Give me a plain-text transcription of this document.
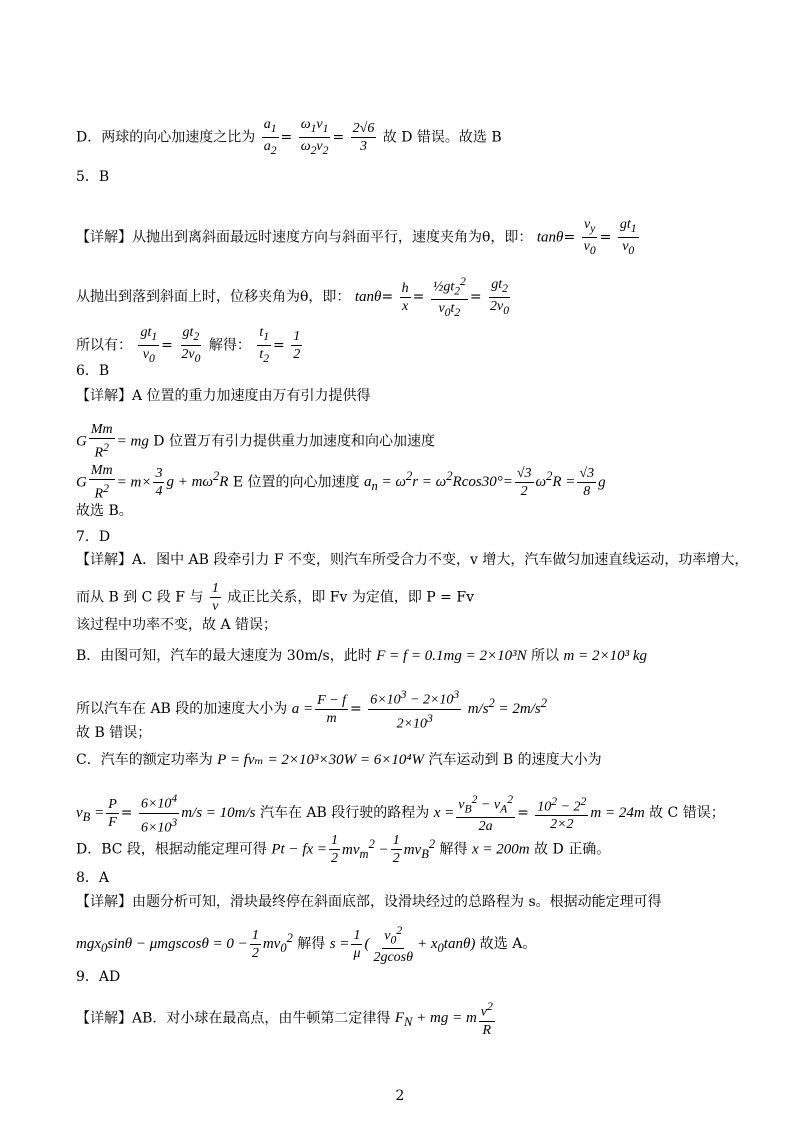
D．两球的向心加速度之比为 $\frac{a_1}{a_2} = \frac{\omega_1v_1}{\omega_2v_2} = \frac{2√6}{3}$ 故 D 错误。故选 B
5．B
【详解】从抛出到离斜面最远时速度方向与斜面平行，速度夹角为θ，即： $\tan\theta= \frac{v_y}{v_0} = \frac{gt_1}{v_0}$
从抛出到落到斜面上时，位移夹角为θ，即： $\tan\theta= \frac{h}{x} = \frac{\frac{1}{2}gt_2^2}{v_0t_2} = \frac{gt_2}{2v_0}$
所以有： $\frac{gt_1}{v_0} = \frac{gt_2}{2v_0}$ 解得： $\frac{t_1}{t_2} = \frac{1}{2}$
6．B
【详解】A 位置的重力加速度由万有引力提供得
G $\frac{Mm}{R^2}$ = mg D 位置万有引力提供重力加速度和向心加速度
G $\frac{Mm}{R^2} = m\times \frac{3}{4}$ $g + m\omega^2R$ E 位置的向心加速度 $a_n = \omega^2r = \omega^2Rcos30^\circ= \frac{√3}{2} \omega^2R = \frac{√3}{8}$ g
故选 B。
7．D
【详解】A．图中 AB 段牵引力 F 不变，则汽车所受合力不变，v 增大，汽车做匀加速直线运动，功率增大，
而从 B 到 C 段 F 与 $\frac{1}{v}$ 成正比关系，即 Fv 为定值，即 P = Fv
该过程中功率不变，故 A 错误；
B．由图可知，汽车的最大速度为 30m/s，此时 F = f = 0.1mg = 2×10³N 所以 m = 2×10³ kg
所以汽车在 AB 段的加速度大小为 $a = \frac{F - f}{m} = \frac{6\times 10^3 - 2\times 10^3}{2\times 10^3} m/s^2 = 2m/s^2$
故 B 错误；
C．汽车的额定功率为 P = fvₘ = 2×10³×30W = 6×10⁴W 汽车运动到 B 的速度大小为
$v_B = \frac{P}{F} = \frac{6\times 10^4}{6\times 10^3} m/s = 10m/s$ 汽车在 AB 段行驶的路程为 $x = \frac{v_B^2 - v_A^2}{2a} = \frac{10^2 - 2^2}{2\times 2}$ m = 24m 故 C 错误；
D．BC 段，根据动能定理可得 Pt − fx = $\frac{1}{2} mv_m^2 - \frac{1}{2} mv_B^2$ 解得 x = 200m 故 D 正确。
8．A
【详解】由题分析可知，滑块最终停在斜面底部，设滑块经过的总路程为 s。根据动能定理可得
$mgx_0\sin\theta - \mu mgscos\theta = 0 - \frac{1}{2} mv_0^2$ 解得 $s = \frac{1}{\mu}$ ( $\frac{v_0^2}{2gcos\theta} + x_0\tan\theta$) 故选 A。
9．AD
【详解】AB．对小球在最高点，由牛顿第二定律得 $F_N$ + mg = m $\frac{v^2}{R}$
2
